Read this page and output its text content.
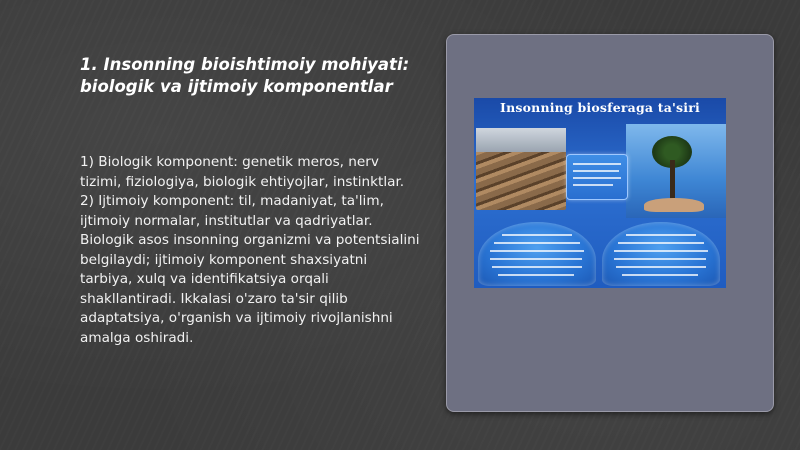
1. Insonning bioishtimoiy mohiyati: biologik va ijtimoiy komponentlar

1) Biologik komponent: genetik meros, nerv tizimi, fiziologiya, biologik ehtiyojlar, instinktlar. 2) Ijtimoiy komponent: til, madaniyat, ta'lim, ijtimoiy normalar, institutlar va qadriyatlar. Biologik asos insonning organizmi va potentsialini belgilaydi; ijtimoiy komponent shaxsiyatni tarbiya, xulq va identifikatsiya orqali shakllantiradi. Ikkalasi o'zaro ta'sir qilib adaptatsiya, o'rganish va ijtimoiy rivojlanishni amalga oshiradi.

Insonning biosferaga ta'siri
